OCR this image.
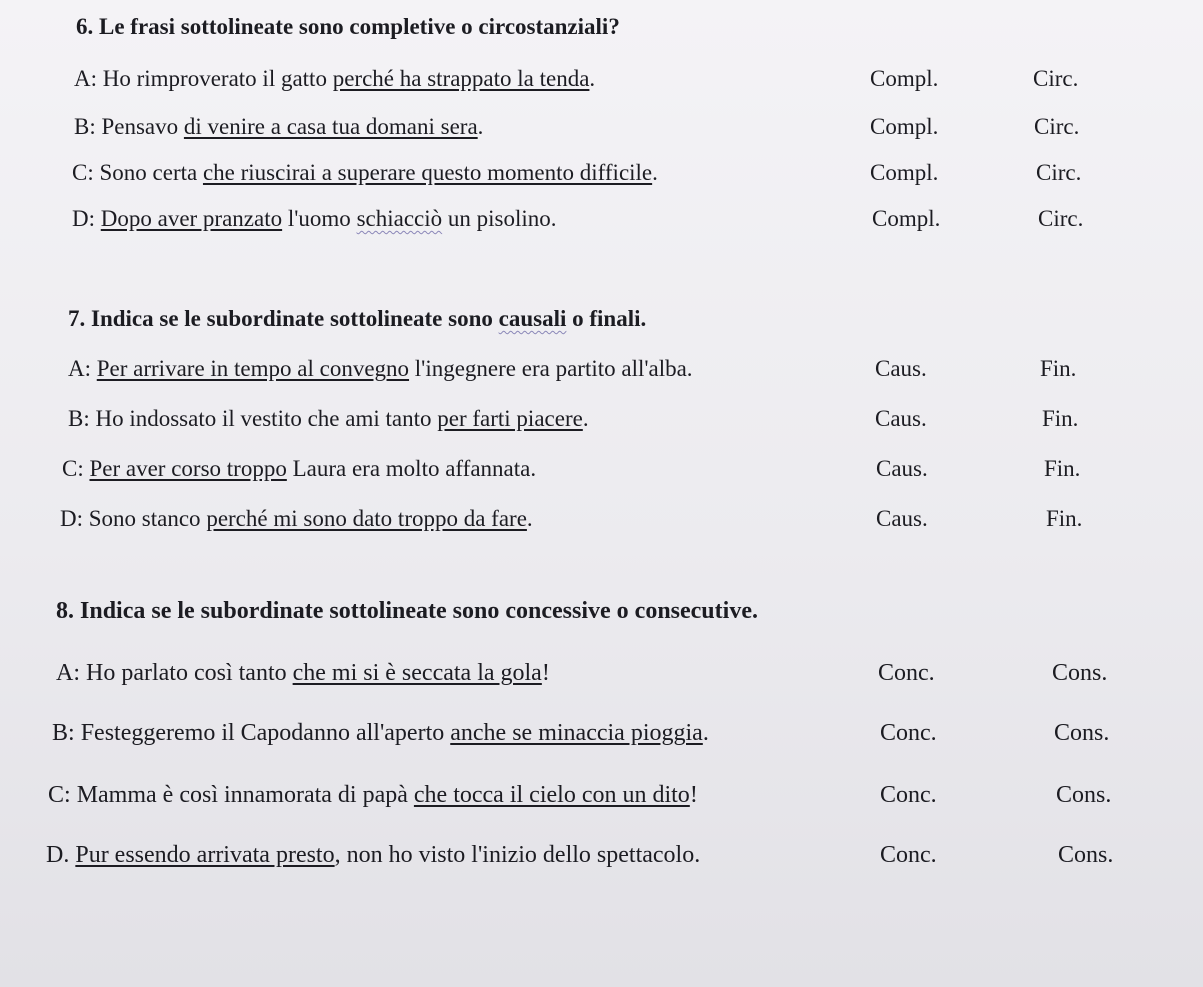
6. Le frasi sottolineate sono completive o circostanziali?
A: Ho rimproverato il gatto perché ha strappato la tenda.	Compl.	Circ.
B: Pensavo di venire a casa tua domani sera.	Compl.	Circ.
C: Sono certa che riuscirai a superare questo momento difficile.	Compl.	Circ.
D: Dopo aver pranzato l'uomo schiacciò un pisolino.	Compl.	Circ.
7. Indica se le subordinate sottolineate sono causali o finali.
A: Per arrivare in tempo al convegno l'ingegnere era partito all'alba.	Caus.	Fin.
B: Ho indossato il vestito che ami tanto per farti piacere.	Caus.	Fin.
C: Per aver corso troppo Laura era molto affannata.	Caus.	Fin.
D: Sono stanco perché mi sono dato troppo da fare.	Caus.	Fin.
8. Indica se le subordinate sottolineate sono concessive o consecutive.
A: Ho parlato così tanto che mi si è seccata la gola!	Conc.	Cons.
B: Festeggeremo il Capodanno all'aperto anche se minaccia pioggia.	Conc.	Cons.
C: Mamma è così innamorata di papà che tocca il cielo con un dito!	Conc.	Cons.
D. Pur essendo arrivata presto, non ho visto l'inizio dello spettacolo.	Conc.	Cons.
